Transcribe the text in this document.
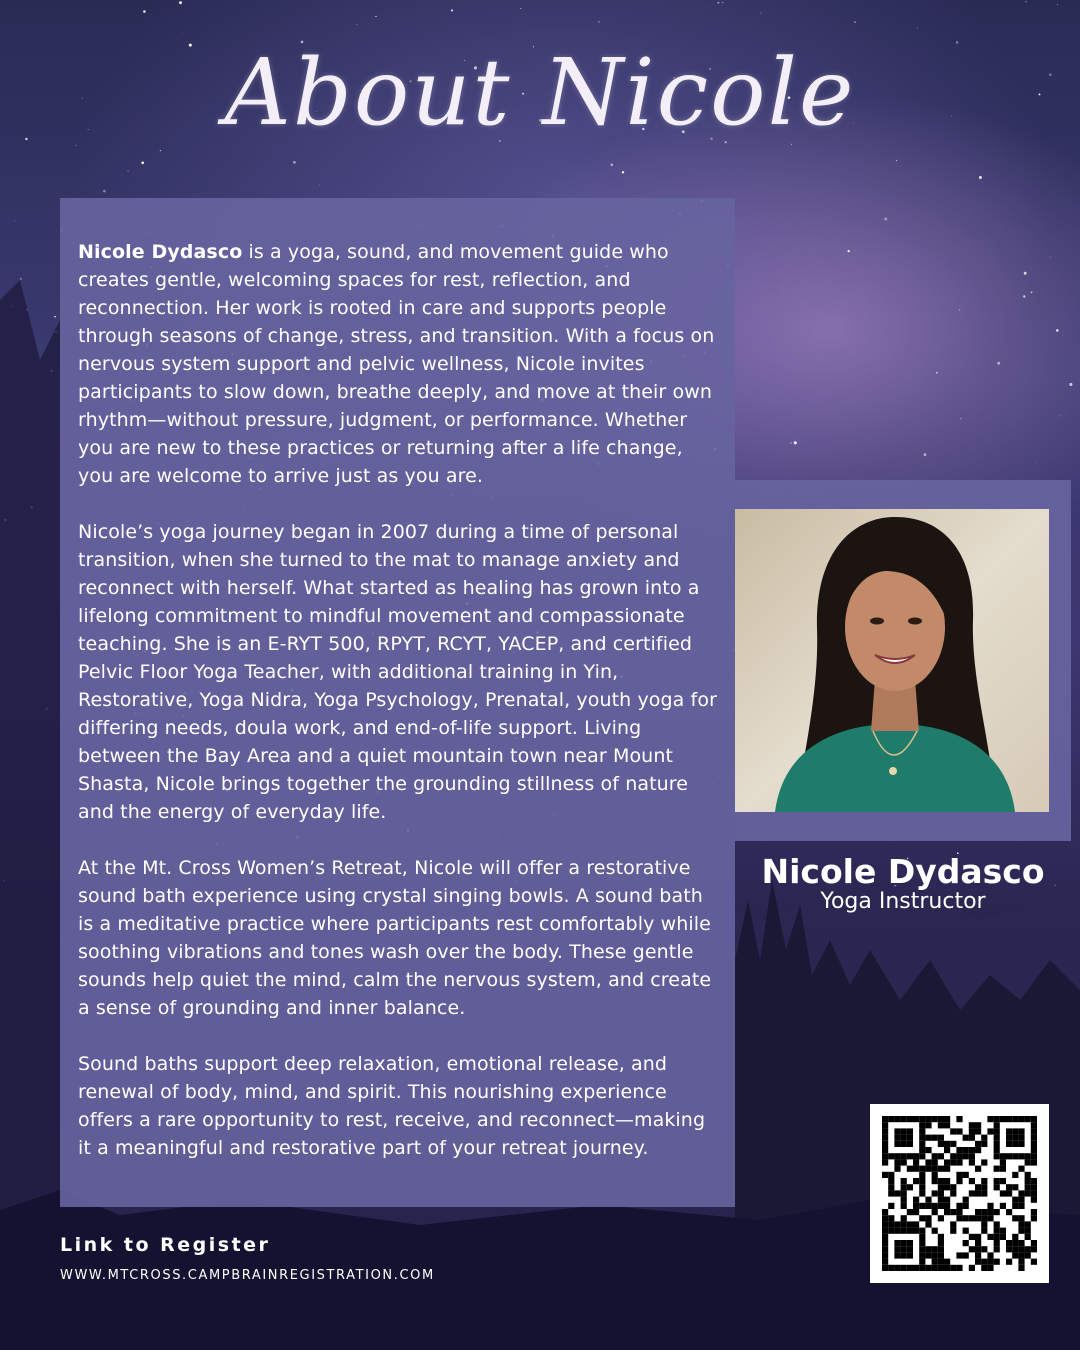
About Nicole

Nicole Dydasco is a yoga, sound, and movement guide who creates gentle, welcoming spaces for rest, reflection, and reconnection. Her work is rooted in care and supports people through seasons of change, stress, and transition. With a focus on nervous system support and pelvic wellness, Nicole invites participants to slow down, breathe deeply, and move at their own rhythm—without pressure, judgment, or performance. Whether you are new to these practices or returning after a life change, you are welcome to arrive just as you are.

Nicole’s yoga journey began in 2007 during a time of personal transition, when she turned to the mat to manage anxiety and reconnect with herself. What started as healing has grown into a lifelong commitment to mindful movement and compassionate teaching. She is an E-RYT 500, RPYT, RCYT, YACEP, and certified Pelvic Floor Yoga Teacher, with additional training in Yin, Restorative, Yoga Nidra, Yoga Psychology, Prenatal, youth yoga for differing needs, doula work, and end-of-life support. Living between the Bay Area and a quiet mountain town near Mount Shasta, Nicole brings together the grounding stillness of nature and the energy of everyday life.

At the Mt. Cross Women’s Retreat, Nicole will offer a restorative sound bath experience using crystal singing bowls. A sound bath is a meditative practice where participants rest comfortably while soothing vibrations and tones wash over the body. These gentle sounds help quiet the mind, calm the nervous system, and create a sense of grounding and inner balance.

Sound baths support deep relaxation, emotional release, and renewal of body, mind, and spirit. This nourishing experience offers a rare opportunity to rest, receive, and reconnect—making it a meaningful and restorative part of your retreat journey.

Nicole Dydasco
Yoga Instructor
Link to Register
WWW.MTCROSS.CAMPBRAINREGISTRATION.COM
